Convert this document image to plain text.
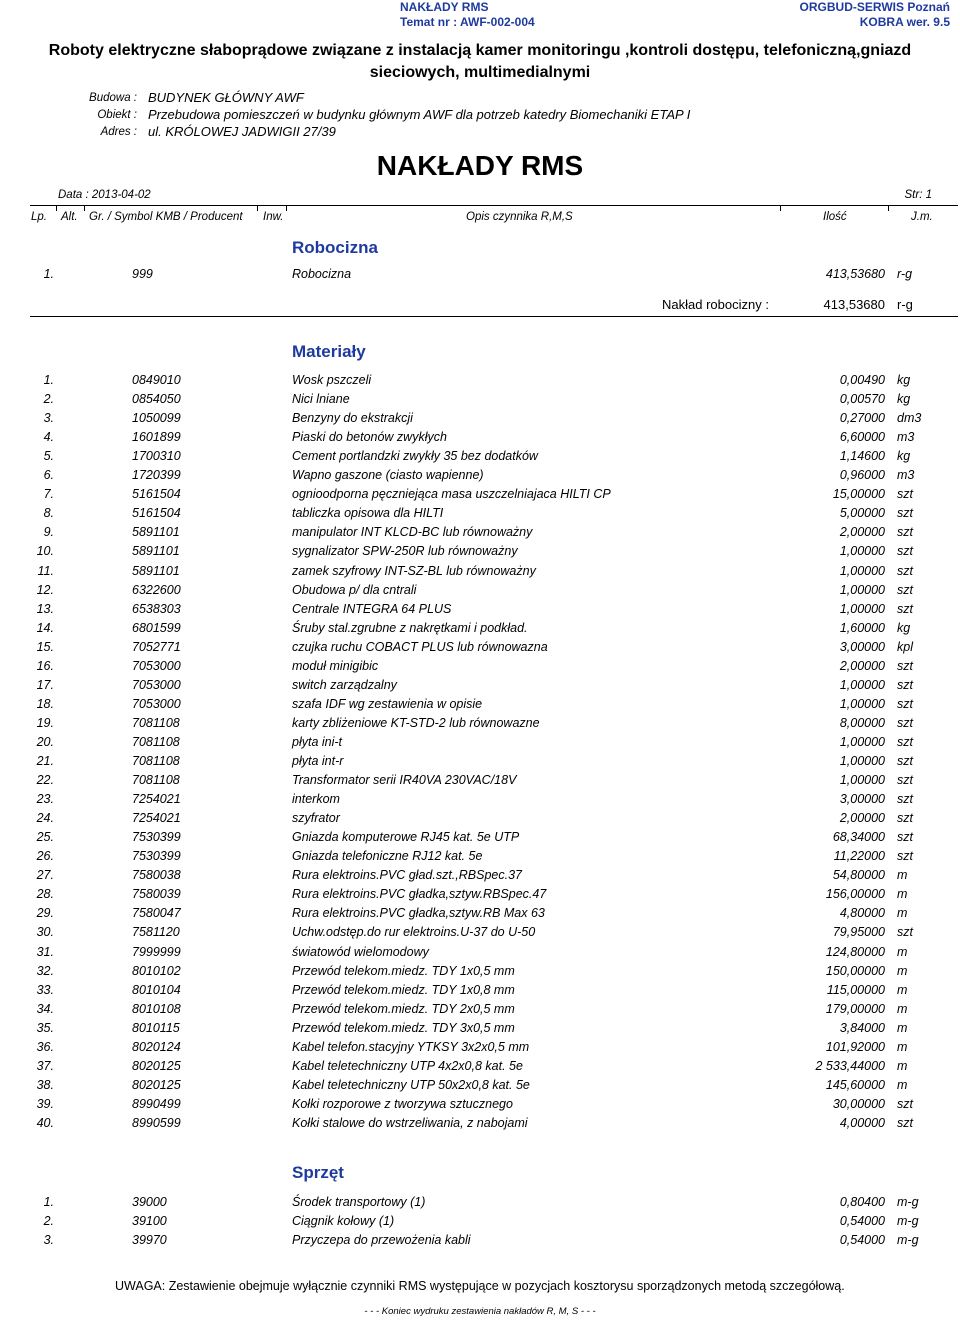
NAKŁADY RMS
Temat nr : AWF-002-004
ORGBUD-SERWIS Poznań
KOBRA wer. 9.5
Roboty elektryczne słaboprądowe związane z instalacją kamer monitoringu ,kontroli dostępu, telefoniczną,gniazd
sieciowych, multimedialnymi
Budowa : BUDYNEK GŁÓWNY AWF
Obiekt : Przebudowa pomieszczeń w budynku głównym AWF dla potrzeb katedry Biomechaniki ETAP I
Adres : ul. KRÓLOWEJ JADWIGII 27/39
NAKŁADY RMS
Data : 2013-04-02	Str: 1
Lp. Alt. Gr. / Symbol KMB / Producent Inw.	Opis czynnika R,M,S	Ilość	J.m.
Robocizna
1.	999	Robocizna	413,53680 r-g
Nakład robocizny :	413,53680 r-g
Materiały
1.	0849010	Wosk pszczeli	0,00490 kg
2.	0854050	Nici lniane	0,00570 kg
3.	1050099	Benzyny do ekstrakcji	0,27000 dm3
4.	1601899	Piaski do betonów zwykłych	6,60000 m3
5.	1700310	Cement portlandzki zwykły 35 bez dodatków	1,14600 kg
6.	1720399	Wapno gaszone (ciasto wapienne)	0,96000 m3
7.	5161504	ognioodporna pęczniejąca masa uszczelniajaca HILTI CP	15,00000 szt
8.	5161504	tabliczka opisowa dla HILTI	5,00000 szt
9.	5891101	manipulator INT KLCD-BC lub równoważny	2,00000 szt
10.	5891101	sygnalizator SPW-250R lub równoważny	1,00000 szt
11.	5891101	zamek szyfrowy INT-SZ-BL lub równoważny	1,00000 szt
12.	6322600	Obudowa p/ dla cntrali	1,00000 szt
13.	6538303	Centrale INTEGRA 64 PLUS	1,00000 szt
14.	6801599	Śruby stal.zgrubne z nakrętkami i podkład.	1,60000 kg
15.	7052771	czujka ruchu COBACT PLUS lub równowazna	3,00000 kpl
16.	7053000	moduł minigibic	2,00000 szt
17.	7053000	switch zarządzalny	1,00000 szt
18.	7053000	szafa IDF wg zestawienia w opisie	1,00000 szt
19.	7081108	karty zbliżeniowe KT-STD-2 lub równowazne	8,00000 szt
20.	7081108	płyta ini-t	1,00000 szt
21.	7081108	płyta int-r	1,00000 szt
22.	7081108	Transformator serii IR40VA 230VAC/18V	1,00000 szt
23.	7254021	interkom	3,00000 szt
24.	7254021	szyfrator	2,00000 szt
25.	7530399	Gniazda komputerowe RJ45 kat. 5e UTP	68,34000 szt
26.	7530399	Gniazda telefoniczne RJ12 kat. 5e	11,22000 szt
27.	7580038	Rura elektroins.PVC gład.szt.,RBSpec.37	54,80000 m
28.	7580039	Rura elektroins.PVC gładka,sztyw.RBSpec.47	156,00000 m
29.	7580047	Rura elektroins.PVC gładka,sztyw.RB Max 63	4,80000 m
30.	7581120	Uchw.odstęp.do rur elektroins.U-37 do U-50	79,95000 szt
31.	7999999	światowód wielomodowy	124,80000 m
32.	8010102	Przewód telekom.miedz. TDY 1x0,5 mm	150,00000 m
33.	8010104	Przewód telekom.miedz. TDY 1x0,8 mm	115,00000 m
34.	8010108	Przewód telekom.miedz. TDY 2x0,5 mm	179,00000 m
35.	8010115	Przewód telekom.miedz. TDY 3x0,5 mm	3,84000 m
36.	8020124	Kabel telefon.stacyjny YTKSY 3x2x0,5 mm	101,92000 m
37.	8020125	Kabel teletechniczny UTP 4x2x0,8 kat. 5e	2 533,44000 m
38.	8020125	Kabel teletechniczny UTP 50x2x0,8 kat. 5e	145,60000 m
39.	8990499	Kołki rozporowe z tworzywa sztucznego	30,00000 szt
40.	8990599	Kołki stalowe do wstrzeliwania, z nabojami	4,00000 szt
Sprzęt
1.	39000	Środek transportowy (1)	0,80400 m-g
2.	39100	Ciągnik kołowy (1)	0,54000 m-g
3.	39970	Przyczepa do przewożenia kabli	0,54000 m-g
UWAGA: Zestawienie obejmuje wyłącznie czynniki RMS występujące w pozycjach kosztorysu sporządzonych metodą szczegółową.
- - - Koniec wydruku zestawienia nakładów R, M, S - - -
